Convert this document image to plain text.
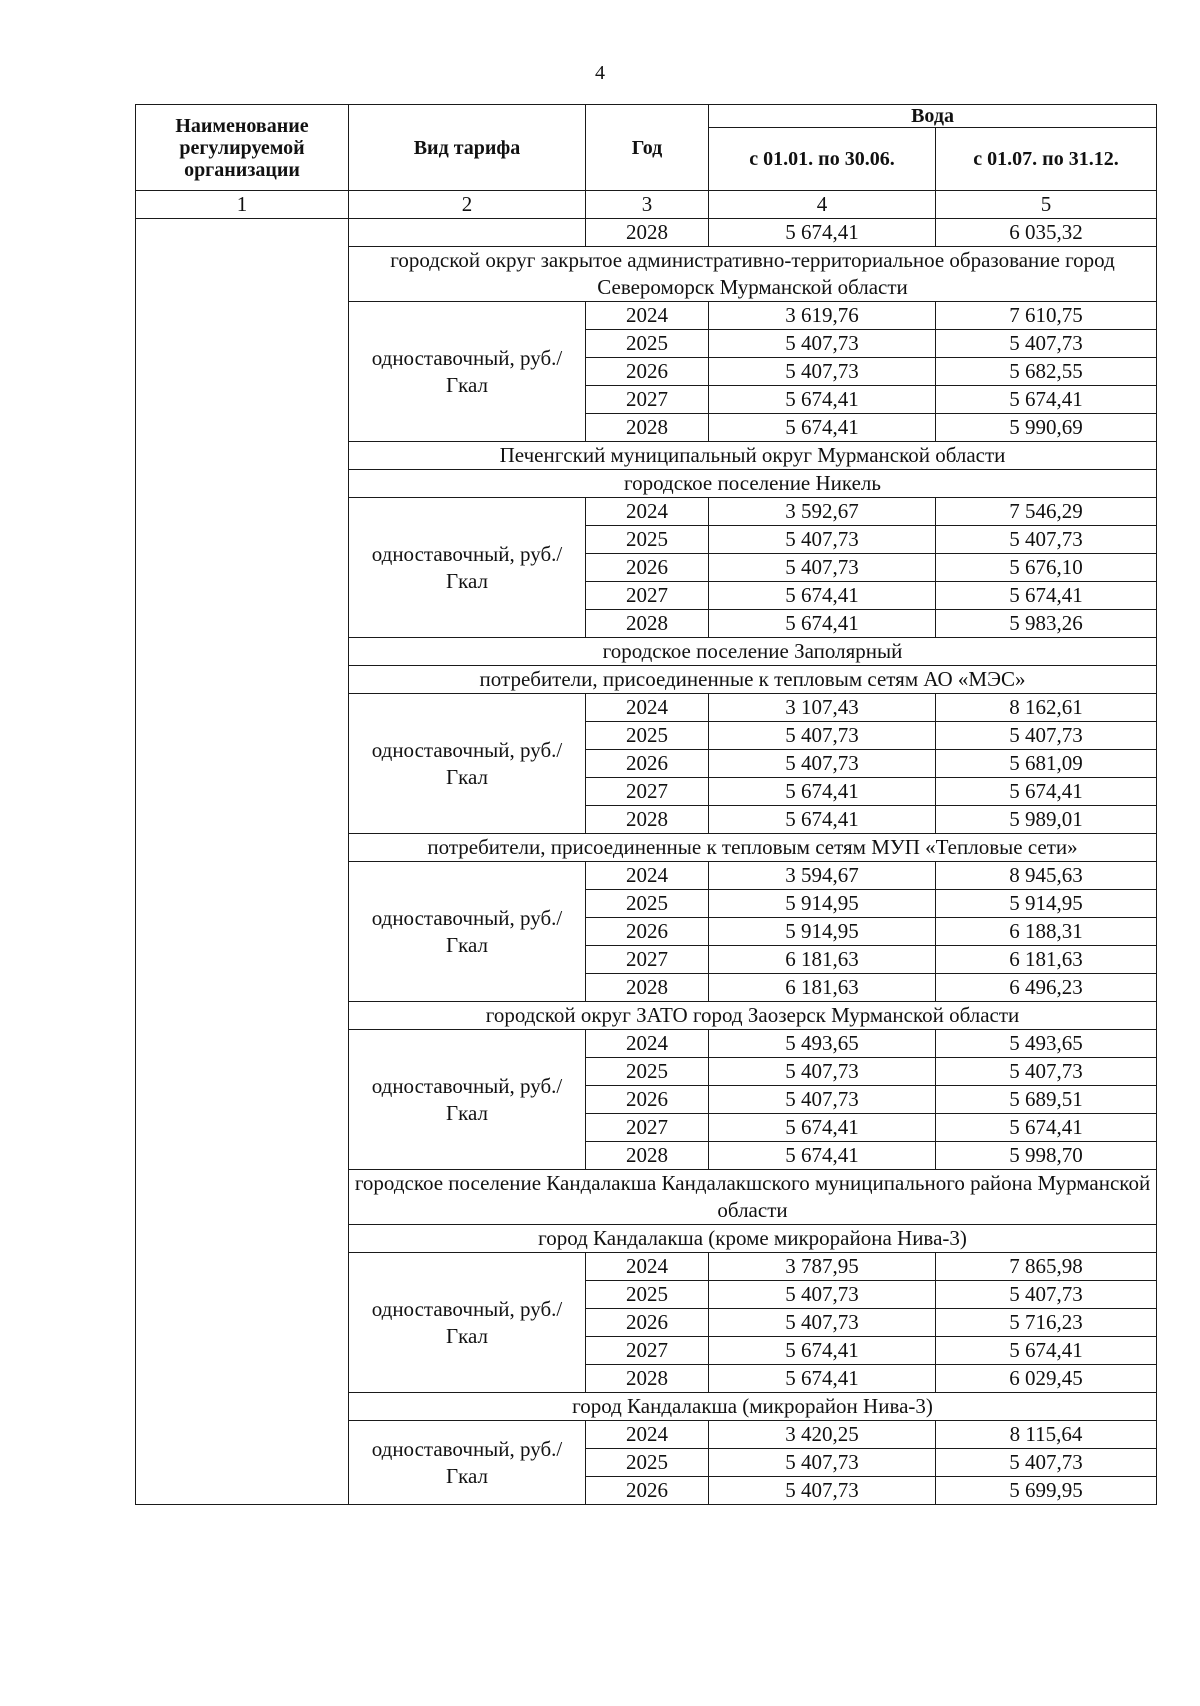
4
Наименование регулируемой организации	Вид тарифа	Год	Вода	
			с 01.01. по 30.06.	с 01.07. по 31.12.
1	2	3	4	5
		2028	5 674,41	6 035,32
	городской округ закрытое административно-территориальное образование город Североморск Мурманской области			
	одноставочный, руб./Гкал	2024	3 619,76	7 610,75
		2025	5 407,73	5 407,73
		2026	5 407,73	5 682,55
		2027	5 674,41	5 674,41
		2028	5 674,41	5 990,69
	Печенгский муниципальный округ Мурманской области			
	городское поселение Никель			
	одноставочный, руб./Гкал	2024	3 592,67	7 546,29
		2025	5 407,73	5 407,73
		2026	5 407,73	5 676,10
		2027	5 674,41	5 674,41
		2028	5 674,41	5 983,26
	городское поселение Заполярный			
	потребители, присоединенные к тепловым сетям АО «МЭС»			
	одноставочный, руб./Гкал	2024	3 107,43	8 162,61
		2025	5 407,73	5 407,73
		2026	5 407,73	5 681,09
		2027	5 674,41	5 674,41
		2028	5 674,41	5 989,01
	потребители, присоединенные к тепловым сетям МУП «Тепловые сети»			
	одноставочный, руб./Гкал	2024	3 594,67	8 945,63
		2025	5 914,95	5 914,95
		2026	5 914,95	6 188,31
		2027	6 181,63	6 181,63
		2028	6 181,63	6 496,23
	городской округ ЗАТО город Заозерск Мурманской области			
	одноставочный, руб./Гкал	2024	5 493,65	5 493,65
		2025	5 407,73	5 407,73
		2026	5 407,73	5 689,51
		2027	5 674,41	5 674,41
		2028	5 674,41	5 998,70
	городское поселение Кандалакша Кандалакшского муниципального района Мурманской области			
	город Кандалакша (кроме микрорайона Нива-3)			
	одноставочный, руб./Гкал	2024	3 787,95	7 865,98
		2025	5 407,73	5 407,73
		2026	5 407,73	5 716,23
		2027	5 674,41	5 674,41
		2028	5 674,41	6 029,45
	город Кандалакша (микрорайон Нива-3)			
	одноставочный, руб./Гкал	2024	3 420,25	8 115,64
		2025	5 407,73	5 407,73
		2026	5 407,73	5 699,95
